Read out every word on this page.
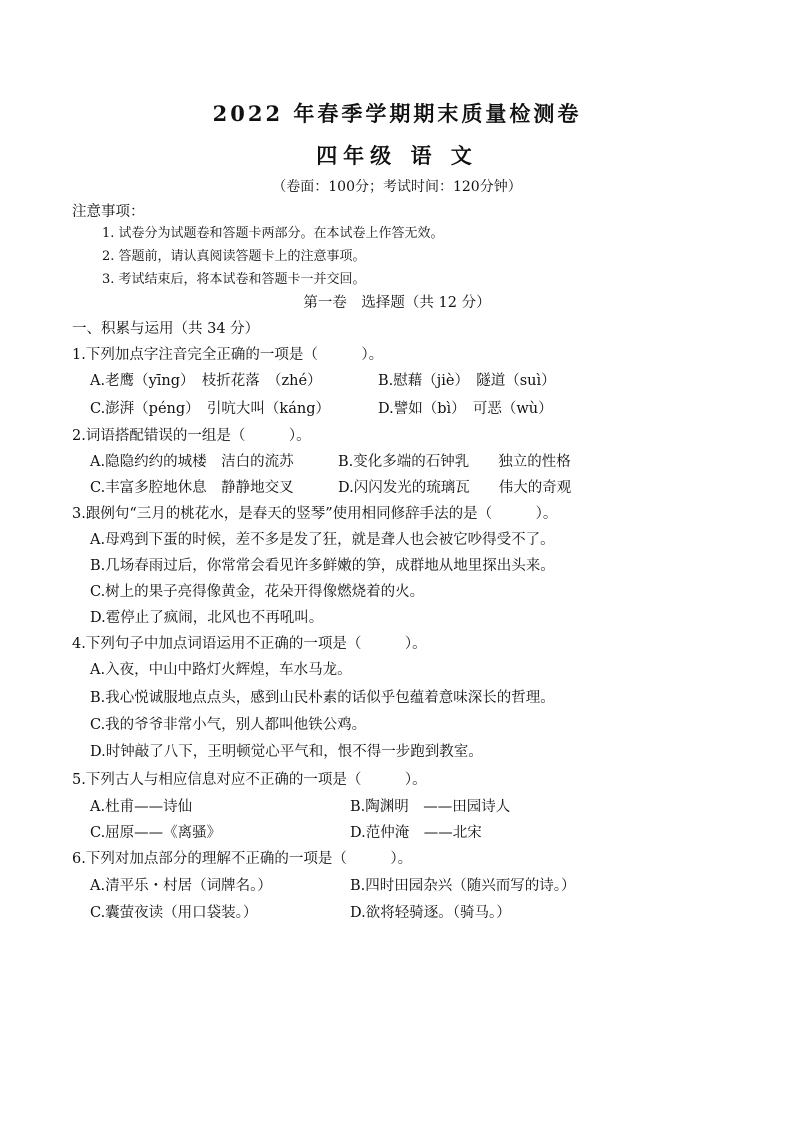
2022 年春季学期期末质量检测卷
四年级 语 文
（卷面：100分；考试时间：120分钟）
注意事项：
1. 试卷分为试题卷和答题卡两部分。在本试卷上作答无效。
2. 答题前，请认真阅读答题卡上的注意事项。
3. 考试结束后，将本试卷和答题卡一并交回。
第一卷　选择题（共 12 分）
一、积累与运用（共 34 分）
1.下列加点字注音完全正确的一项是（　　　）。
A.老鹰（yīng）　枝折花落　（zhé）	B.慰藉（jiè）　隧道（suì）
C.澎湃（péng）　引吭大叫（káng）	D.譬如（bì）　可恶（wù）
2.词语搭配错误的一组是（　　　）。
A.隐隐约约的城楼　洁白的流苏	B.变化多端的石钟乳　　独立的性格
C.丰富多腔地休息　静静地交叉	D.闪闪发光的琉璃瓦　　伟大的奇观
3.跟例句“三月的桃花水，是春天的竖琴”使用相同修辞手法的是（　　　）。
A.母鸡到下蛋的时候，差不多是发了狂，就是聋人也会被它吵得受不了。
B.几场春雨过后，你常常会看见许多鲜嫩的笋，成群地从地里探出头来。
C.树上的果子亮得像黄金，花朵开得像燃烧着的火。
D.雹停止了疯闹，北风也不再吼叫。
4.下列句子中加点词语运用不正确的一项是（　　　）。
A.入夜，中山中路灯火辉煌，车水马龙。
B.我心悦诚服地点点头，感到山民朴素的话似乎包蕴着意味深长的哲理。
C.我的爷爷非常小气，别人都叫他铁公鸡。
D.时钟敲了八下，王明顿觉心平气和，恨不得一步跑到教室。
5.下列古人与相应信息对应不正确的一项是（　　　）。
A.杜甫——诗仙	B.陶渊明　——田园诗人
C.屈原——《离骚》	D.范仲淹　——北宋
6.下列对加点部分的理解不正确的一项是（　　　）。
A.清平乐・村居（词牌名。）	B.四时田园杂兴（随兴而写的诗。）
C.囊萤夜读（用口袋装。）	D.欲将轻骑逐。（骑马。）
